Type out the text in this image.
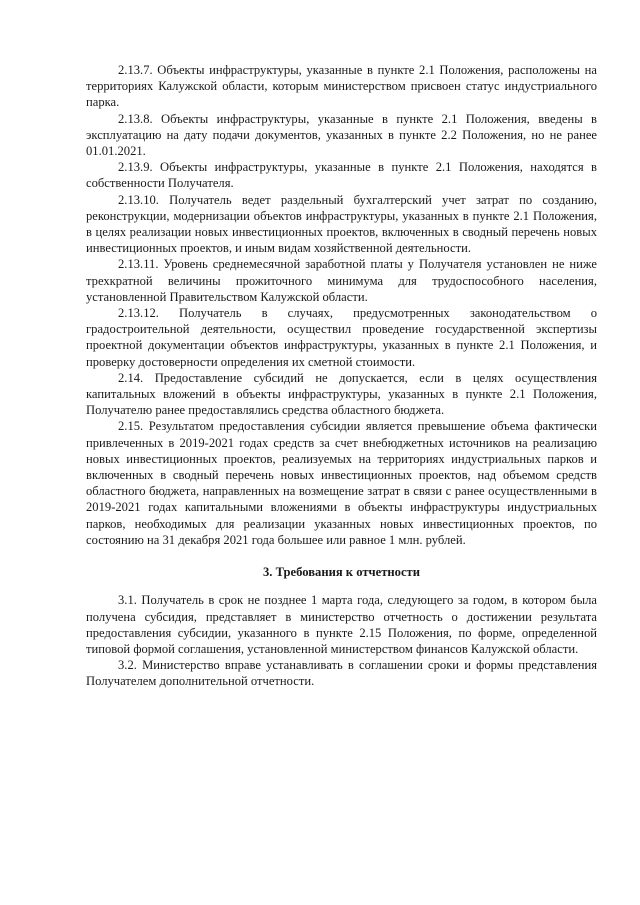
2.13.7. Объекты инфраструктуры, указанные в пункте 2.1 Положения, расположены на территориях Калужской области, которым министерством присвоен статус индустриального парка.

2.13.8. Объекты инфраструктуры, указанные в пункте 2.1 Положения, введены в эксплуатацию на дату подачи документов, указанных в пункте 2.2 Положения, но не ранее 01.01.2021.

2.13.9. Объекты инфраструктуры, указанные в пункте 2.1 Положения, находятся в собственности Получателя.

2.13.10. Получатель ведет раздельный бухгалтерский учет затрат по созданию, реконструкции, модернизации объектов инфраструктуры, указанных в пункте 2.1 Положения, в целях реализации новых инвестиционных проектов, включенных в сводный перечень новых инвестиционных проектов, и иным видам хозяйственной деятельности.

2.13.11. Уровень среднемесячной заработной платы у Получателя установлен не ниже трехкратной величины прожиточного минимума для трудоспособного населения, установленной Правительством Калужской области.

2.13.12. Получатель в случаях, предусмотренных законодательством о градостроительной деятельности, осуществил проведение государственной экспертизы проектной документации объектов инфраструктуры, указанных в пункте 2.1 Положения, и проверку достоверности определения их сметной стоимости.

2.14. Предоставление субсидий не допускается, если в целях осуществления капитальных вложений в объекты инфраструктуры, указанных в пункте 2.1 Положения, Получателю ранее предоставлялись средства областного бюджета.

2.15. Результатом предоставления субсидии является превышение объема фактически привлеченных в 2019-2021 годах средств за счет внебюджетных источников на реализацию новых инвестиционных проектов, реализуемых на территориях индустриальных парков и включенных в сводный перечень новых инвестиционных проектов, над объемом средств областного бюджета, направленных на возмещение затрат в связи с ранее осуществленными в 2019-2021 годах капитальными вложениями в объекты инфраструктуры индустриальных парков, необходимых для реализации указанных новых инвестиционных проектов, по состоянию на 31 декабря 2021 года большее или равное 1 млн. рублей.

3. Требования к отчетности

3.1. Получатель в срок не позднее 1 марта года, следующего за годом, в котором была получена субсидия, представляет в министерство отчетность о достижении результата предоставления субсидии, указанного в пункте 2.15 Положения, по форме, определенной типовой формой соглашения, установленной министерством финансов Калужской области.

3.2. Министерство вправе устанавливать в соглашении сроки и формы представления Получателем дополнительной отчетности.
